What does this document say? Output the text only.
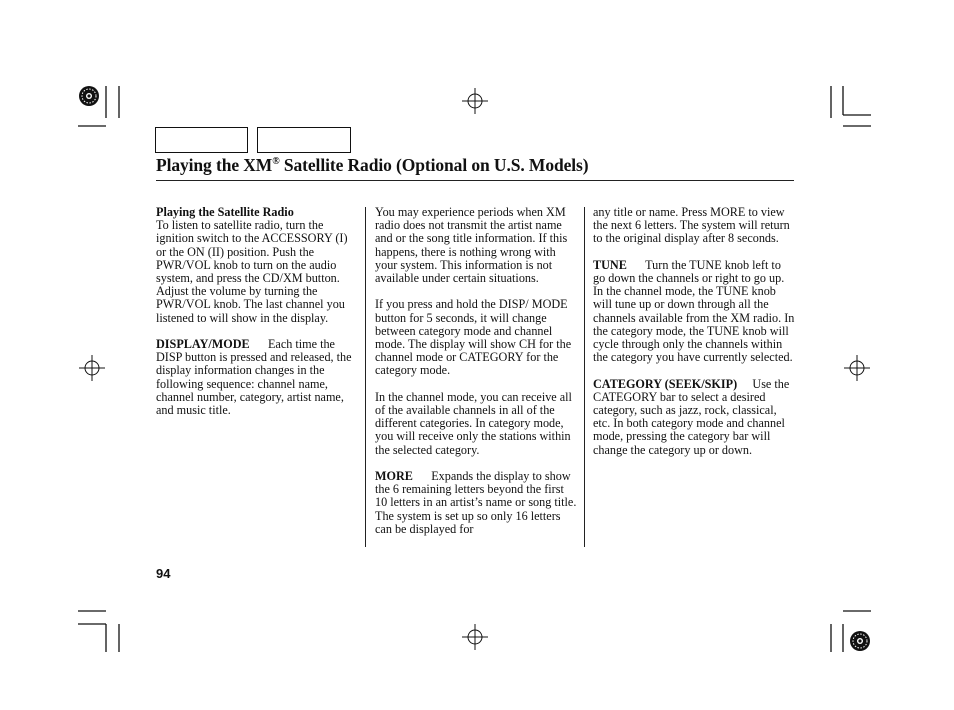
Playing the XM® Satellite Radio (Optional on U.S. Models)
Playing the Satellite Radio

To listen to satellite radio, turn the ignition switch to the ACCESSORY (I) or the ON (II) position. Push the PWR/VOL knob to turn on the audio system, and press the CD/XM button. Adjust the volume by turning the PWR/VOL knob. The last channel you listened to will show in the display.

DISPLAY/MODE Each time the DISP button is pressed and released, the display information changes in the following sequence: channel name, channel number, category, artist name, and music title.

You may experience periods when XM radio does not transmit the artist name and or the song title information. If this happens, there is nothing wrong with your system. This information is not available under certain situations.

If you press and hold the DISP/ MODE button for 5 seconds, it will change between category mode and channel mode. The display will show CH for the channel mode or CATEGORY for the category mode.

In the channel mode, you can receive all of the available channels in all of the different categories. In category mode, you will receive only the stations within the selected category.

MORE Expands the display to show the 6 remaining letters beyond the first 10 letters in an artist’s name or song title. The system is set up so only 16 letters can be displayed for

any title or name. Press MORE to view the next 6 letters. The system will return to the original display after 8 seconds.

TUNE Turn the TUNE knob left to go down the channels or right to go up. In the channel mode, the TUNE knob will tune up or down through all the channels available from the XM radio. In the category mode, the TUNE knob will cycle through only the channels within the category you have currently selected.

CATEGORY (SEEK/SKIP) Use the CATEGORY bar to select a desired category, such as jazz, rock, classical, etc. In both category mode and channel mode, pressing the category bar will change the category up or down.

94
